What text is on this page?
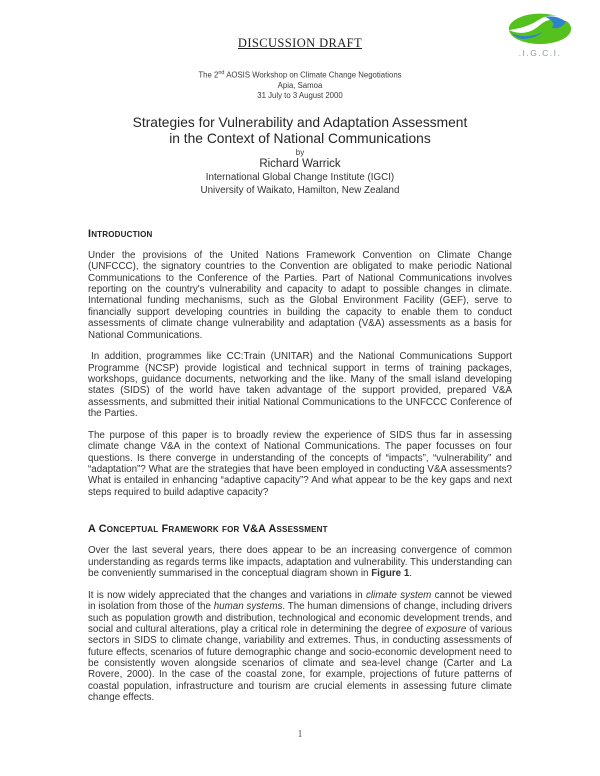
DISCUSSION DRAFT
.I.G.C.I.
The 2nd AOSIS Workshop on Climate Change Negotiations
Apia, Samoa
31 July to 3 August 2000
Strategies for Vulnerability and Adaptation Assessment
in the Context of National Communications
by
Richard Warrick
International Global Change Institute (IGCI)
University of Waikato, Hamilton, New Zealand
Introduction

Under the provisions of the United Nations Framework Convention on Climate Change (UNFCCC), the signatory countries to the Convention are obligated to make periodic National Communications to the Conference of the Parties. Part of National Communications involves reporting on the country's vulnerability and capacity to adapt to possible changes in climate. International funding mechanisms, such as the Global Environment Facility (GEF), serve to financially support developing countries in building the capacity to enable them to conduct assessments of climate change vulnerability and adaptation (V&A) assessments as a basis for National Communications.

In addition, programmes like CC:Train (UNITAR) and the National Communications Support Programme (NCSP) provide logistical and technical support in terms of training packages, workshops, guidance documents, networking and the like. Many of the small island developing states (SIDS) of the world have taken advantage of the support provided, prepared V&A assessments, and submitted their initial National Communications to the UNFCCC Conference of the Parties.

The purpose of this paper is to broadly review the experience of SIDS thus far in assessing climate change V&A in the context of National Communications. The paper focusses on four questions. Is there converge in understanding of the concepts of “impacts”, “vulnerability” and “adaptation”? What are the strategies that have been employed in conducting V&A assessments? What is entailed in enhancing “adaptive capacity”? And what appear to be the key gaps and next steps required to build adaptive capacity?

A Conceptual Framework for V&A Assessment

Over the last several years, there does appear to be an increasing convergence of common understanding as regards terms like impacts, adaptation and vulnerability. This understanding can be conveniently summarised in the conceptual diagram shown in Figure 1.

It is now widely appreciated that the changes and variations in climate system cannot be viewed in isolation from those of the human systems. The human dimensions of change, including drivers such as population growth and distribution, technological and economic development trends, and social and cultural alterations, play a critical role in determining the degree of exposure of various sectors in SIDS to climate change, variability and extremes. Thus, in conducting assessments of future effects, scenarios of future demographic change and socio-economic development need to be consistently woven alongside scenarios of climate and sea-level change (Carter and La Rovere, 2000). In the case of the coastal zone, for example, projections of future patterns of coastal population, infrastructure and tourism are crucial elements in assessing future climate change effects.

1
